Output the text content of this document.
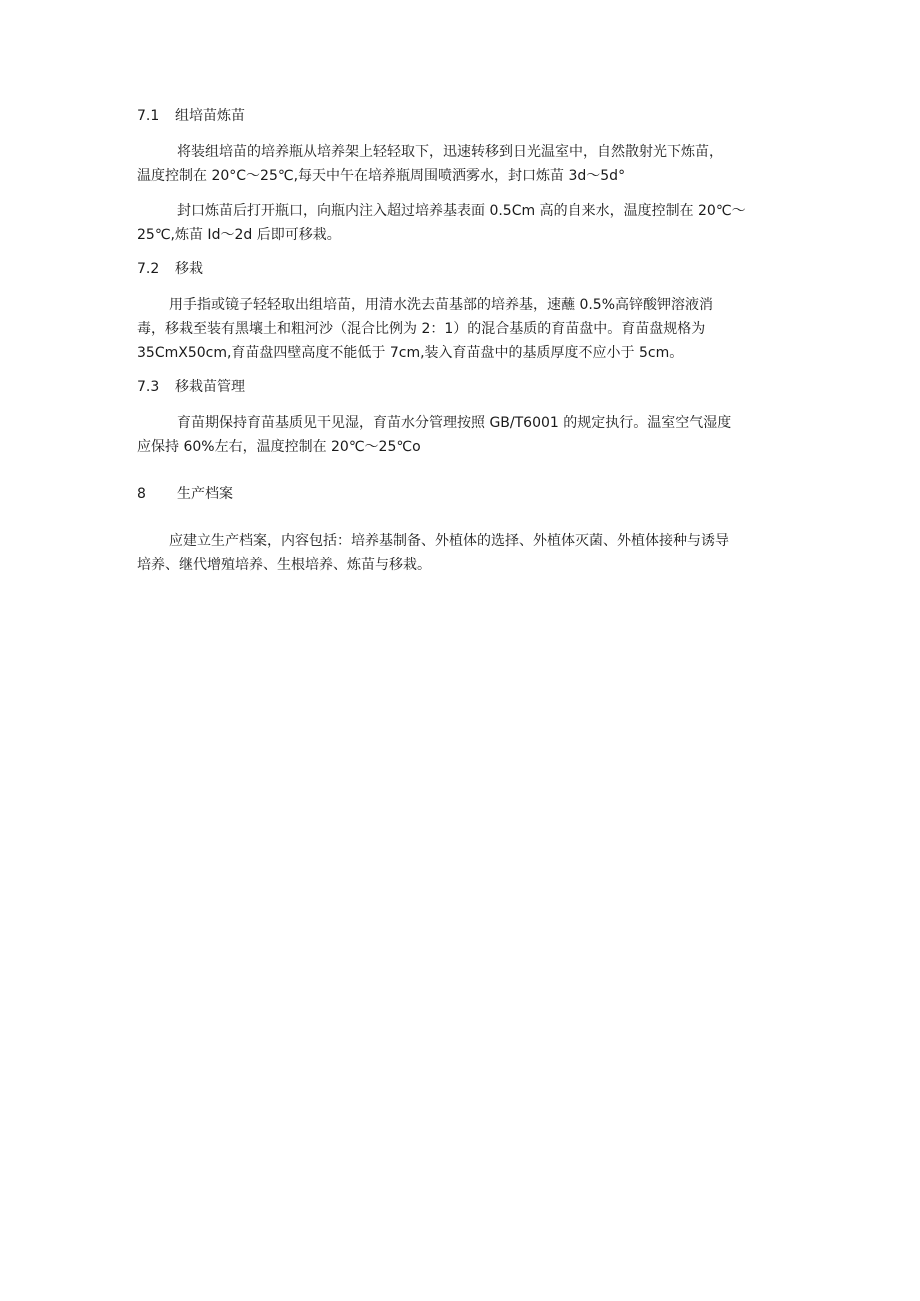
7.1 组培苗炼苗
将装组培苗的培养瓶从培养架上轻轻取下，迅速转移到日光温室中，自然散射光下炼苗，
温度控制在 20°C～25℃,每天中午在培养瓶周围喷洒雾水，封口炼苗 3d～5d°
封口炼苗后打开瓶口，向瓶内注入超过培养基表面 0.5Cm 高的自来水，温度控制在 20℃～
25℃,炼苗 Id～2d 后即可移栽。
7.2 移栽
用手指或镜子轻轻取出组培苗，用清水洗去苗基部的培养基，速蘸 0.5%高锌酸钾溶液消
毒，移栽至装有黑壤土和粗河沙（混合比例为 2：1）的混合基质的育苗盘中。育苗盘规格为
35CmX50cm,育苗盘四壁高度不能低于 7cm,装入育苗盘中的基质厚度不应小于 5cm。
7.3 移栽苗管理
育苗期保持育苗基质见干见湿，育苗水分管理按照 GB/T6001 的规定执行。温室空气湿度
应保持 60%左右，温度控制在 20℃～25℃o
8 生产档案
应建立生产档案，内容包括：培养基制备、外植体的选择、外植体灭菌、外植体接种与诱导
培养、继代增殖培养、生根培养、炼苗与移栽。
